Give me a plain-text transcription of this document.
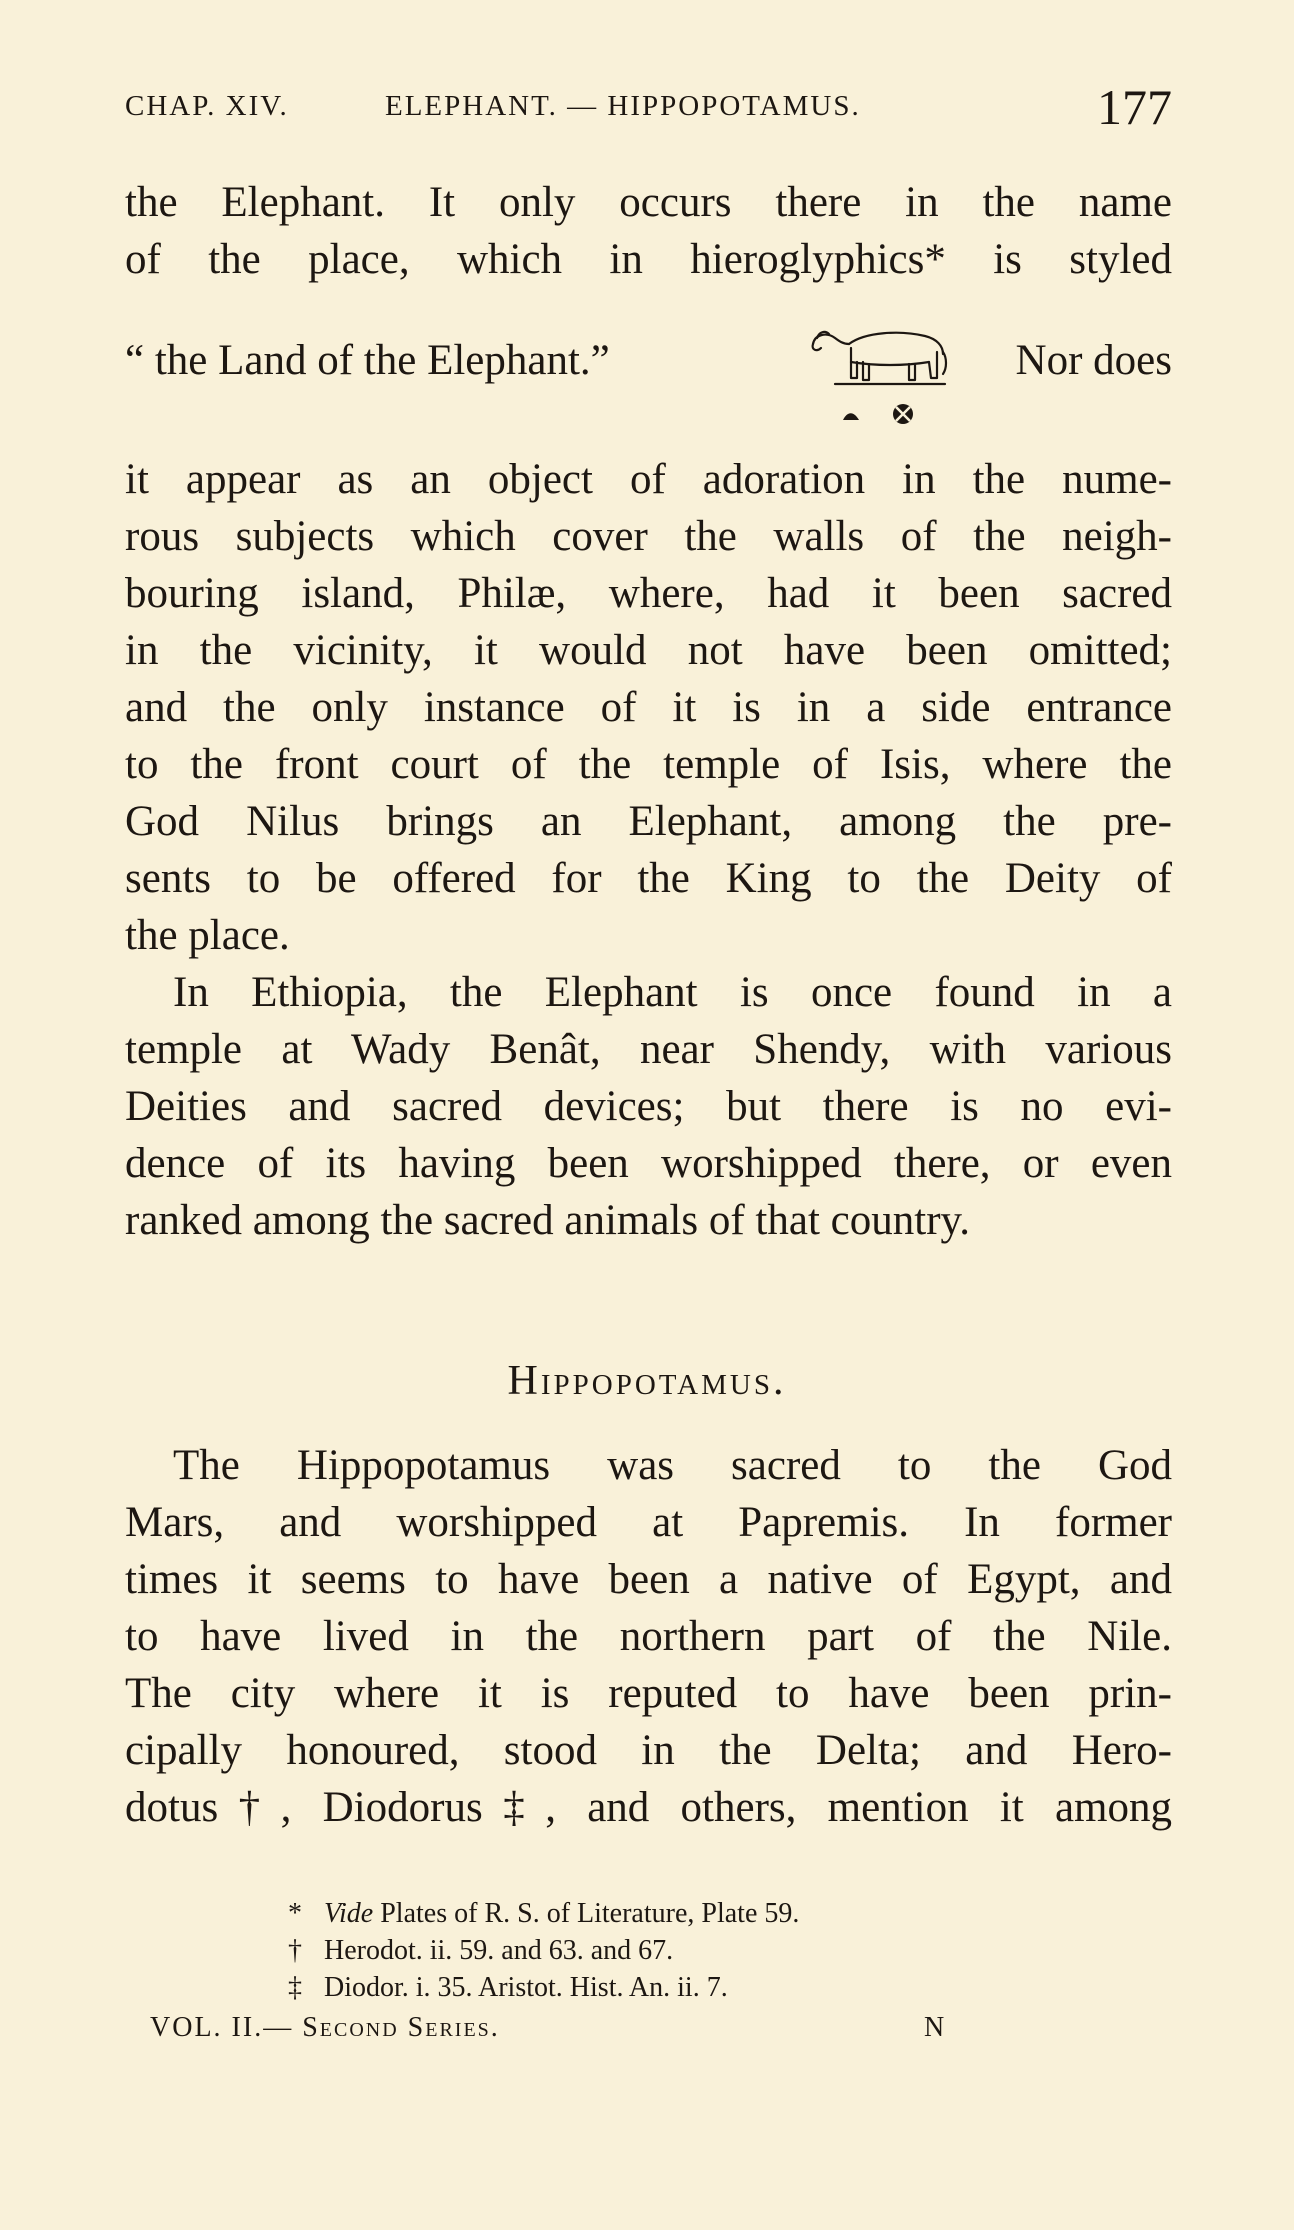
CHAP. XIV.	ELEPHANT. — HIPPOPOTAMUS.	177
the Elephant. It only occurs there in the name
of the place, which in hieroglyphics* is styled
“ the Land of the Elephant.”	Nor does
it appear as an object of adoration in the nume-
rous subjects which cover the walls of the neigh-
bouring island, Philæ, where, had it been sacred
in the vicinity, it would not have been omitted;
and the only instance of it is in a side entrance
to the front court of the temple of Isis, where the
God Nilus brings an Elephant, among the pre-
sents to be offered for the King to the Deity of
the place.
In Ethiopia, the Elephant is once found in a
temple at Wady Benât, near Shendy, with various
Deities and sacred devices; but there is no evi-
dence of its having been worshipped there, or even
ranked among the sacred animals of that country.
Hippopotamus.
The Hippopotamus was sacred to the God
Mars, and worshipped at Papremis. In former
times it seems to have been a native of Egypt, and
to have lived in the northern part of the Nile.
The city where it is reputed to have been prin-
cipally honoured, stood in the Delta; and Hero-
dotus†, Diodorus‡, and others, mention it among
* Vide Plates of R. S. of Literature, Plate 59.
† Herodot. ii. 59. and 63. and 67.
‡ Diodor. i. 35. Aristot. Hist. An. ii. 7.
VOL. II.— Second Series.	N
